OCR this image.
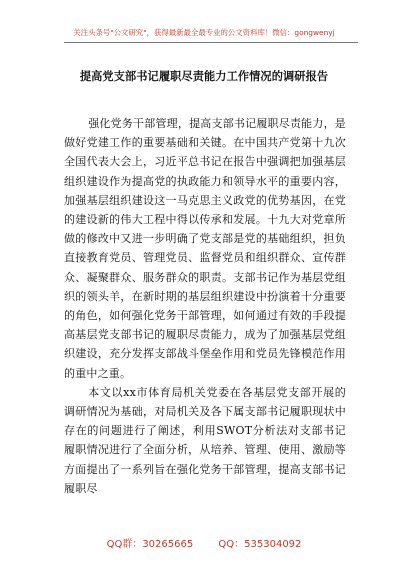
关注头条号"公文研究"，获得最新最全最专业的公文资料库！微信：gongwenyj
提高党支部书记履职尽责能力工作情况的调研报告

强化党务干部管理，提高支部书记履职尽责能力，是做好党建工作的重要基础和关键。在中国共产党第十九次全国代表大会上，习近平总书记在报告中强调把加强基层组织建设作为提高党的执政能力和领导水平的重要内容，加强基层组织建设这一马克思主义政党的优势基因，在党的建设新的伟大工程中得以传承和发展。十九大对党章所做的修改中又进一步明确了党支部是党的基础组织，担负直接教育党员、管理党员、监督党员和组织群众、宣传群众、凝聚群众、服务群众的职责。支部书记作为基层党组织的领头羊，在新时期的基层组织建设中扮演着十分重要的角色，如何强化党务干部管理，如何通过有效的手段提高基层党支部书记的履职尽责能力，成为了加强基层党组织建设，充分发挥支部战斗堡垒作用和党员先锋模范作用的重中之重。

本文以xx市体育局机关党委在各基层党支部开展的调研情况为基础，对局机关及各下属支部书记履职现状中存在的问题进行了阐述，利用SWOT分析法对支部书记履职情况进行了全面分析，从培养、管理、使用、激励等方面提出了一系列旨在强化党务干部管理，提高支部书记履职尽

QQ群：30265665	QQ：535304092
